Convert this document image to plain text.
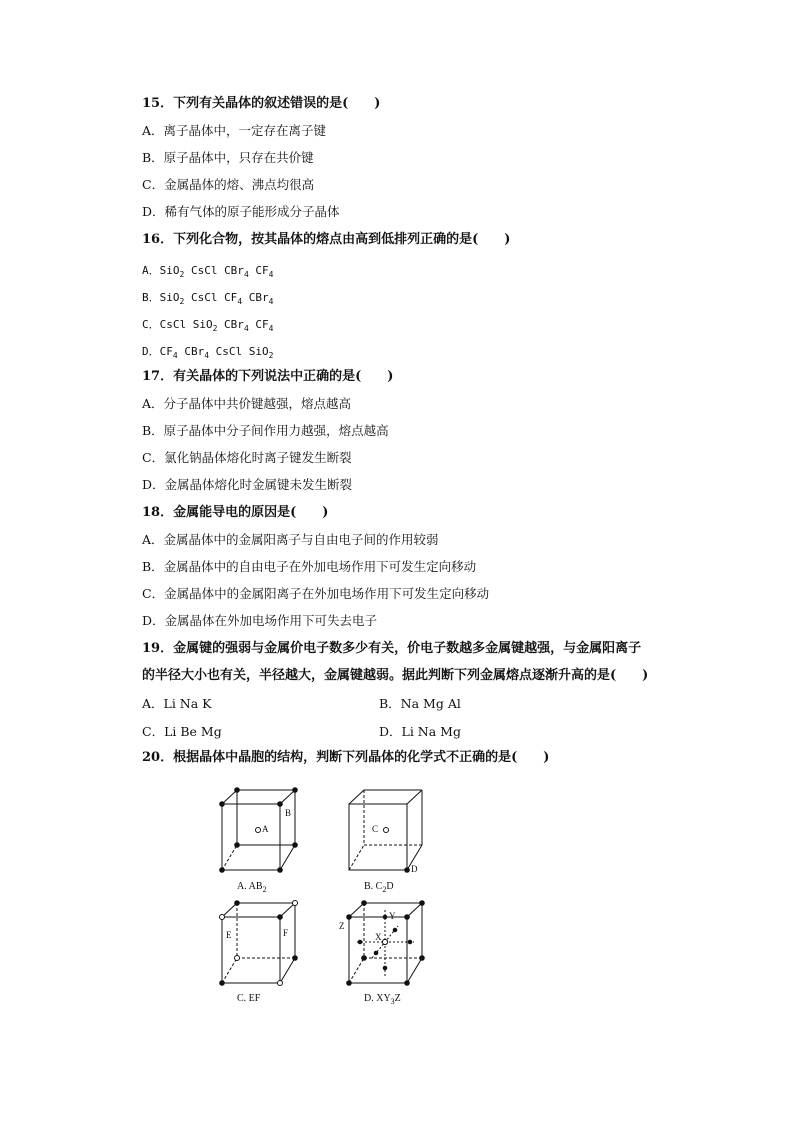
15．下列有关晶体的叙述错误的是(　　)
A．离子晶体中，一定存在离子键
B．原子晶体中，只存在共价键
C．金属晶体的熔、沸点均很高
D．稀有气体的原子能形成分子晶体
16．下列化合物，按其晶体的熔点由高到低排列正确的是(　　)
A．SiO$_2$ CsCl CBr$_4$ $CF_4$
B．SiO$_2$ CsCl $CF_4$ CBr$_4$
C．CsCl SiO$_2$ CBr$_4$ $CF_4$
D．$CF_4$ CBr$_4$ CsCl SiO$_2$
17．有关晶体的下列说法中正确的是(　　)
A．分子晶体中共价键越强，熔点越高
B．原子晶体中分子间作用力越强，熔点越高
C．氯化钠晶体熔化时离子键发生断裂
D．金属晶体熔化时金属键未发生断裂
18．金属能导电的原因是(　　)
A．金属晶体中的金属阳离子与自由电子间的作用较弱
B．金属晶体中的自由电子在外加电场作用下可发生定向移动
C．金属晶体中的金属阳离子在外加电场作用下可发生定向移动
D．金属晶体在外加电场作用下可失去电子
19．金属键的强弱与金属价电子数多少有关，价电子数越多金属键越强，与金属阳离子
的半径大小也有关，半径越大，金属键越弱。据此判断下列金属熔点逐渐升高的是(　　)
A．Li Na K	B．Na Mg Al
C．Li Be Mg	D．Li Na Mg
20．根据晶体中晶胞的结构，判断下列晶体的化学式不正确的是(　　)
A
B
C
D
E	F
Z
Y
X
A. $AB_2$	B. $C_2D$
C. EF	D. $XY_3Z$
